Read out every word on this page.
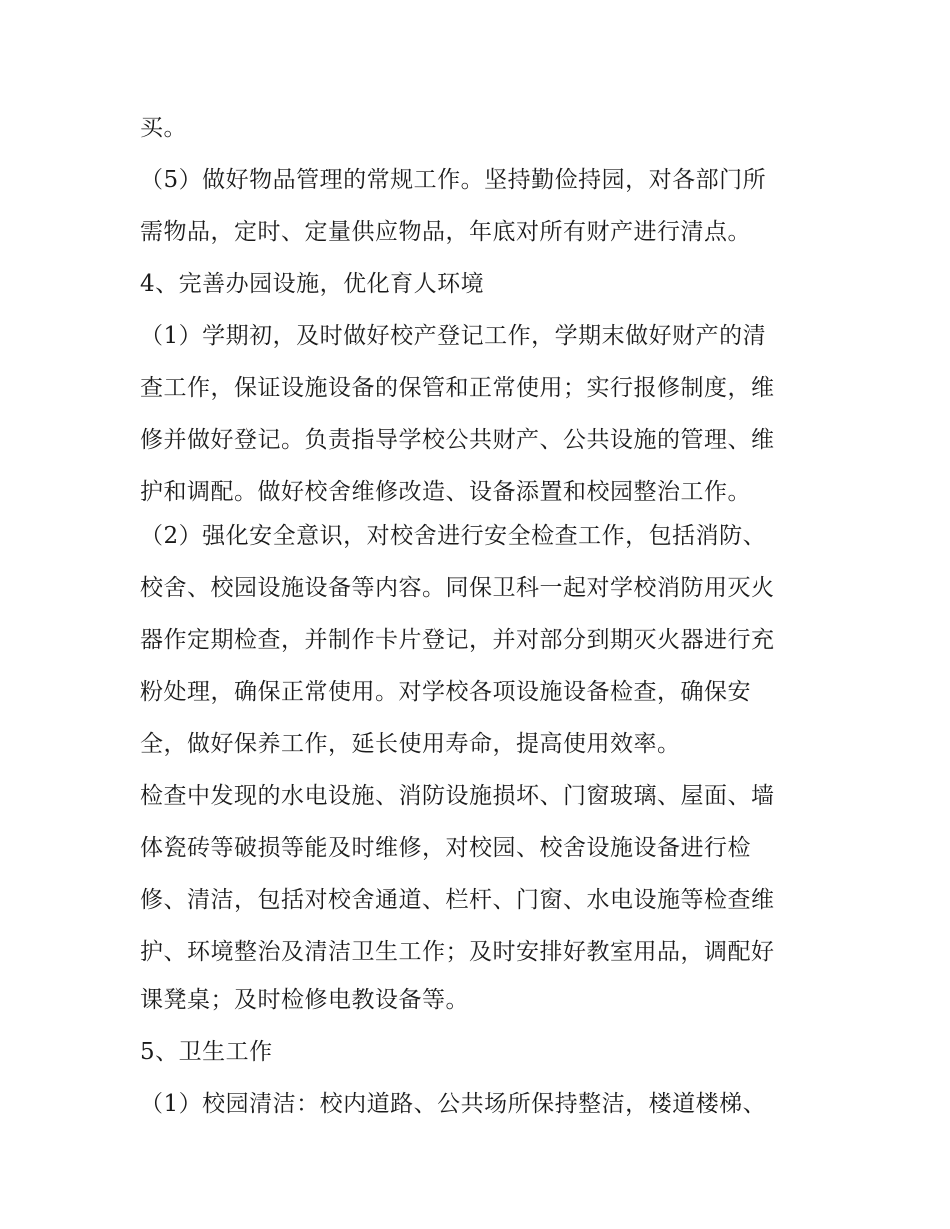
买。

（5）做好物品管理的常规工作。坚持勤俭持园，对各部门所

需物品，定时、定量供应物品，年底对所有财产进行清点。

4、完善办园设施，优化育人环境

（1）学期初，及时做好校产登记工作，学期末做好财产的清

查工作，保证设施设备的保管和正常使用；实行报修制度，维

修并做好登记。负责指导学校公共财产、公共设施的管理、维

护和调配。做好校舍维修改造、设备添置和校园整治工作。

（2）强化安全意识，对校舍进行安全检查工作，包括消防、

校舍、校园设施设备等内容。同保卫科一起对学校消防用灭火

器作定期检查，并制作卡片登记，并对部分到期灭火器进行充

粉处理，确保正常使用。对学校各项设施设备检查，确保安

全，做好保养工作，延长使用寿命，提高使用效率。

检查中发现的水电设施、消防设施损坏、门窗玻璃、屋面、墙

体瓷砖等破损等能及时维修，对校园、校舍设施设备进行检

修、清洁，包括对校舍通道、栏杆、门窗、水电设施等检查维

护、环境整治及清洁卫生工作；及时安排好教室用品，调配好

课凳桌；及时检修电教设备等。

5、卫生工作

（1）校园清洁：校内道路、公共场所保持整洁，楼道楼梯、
